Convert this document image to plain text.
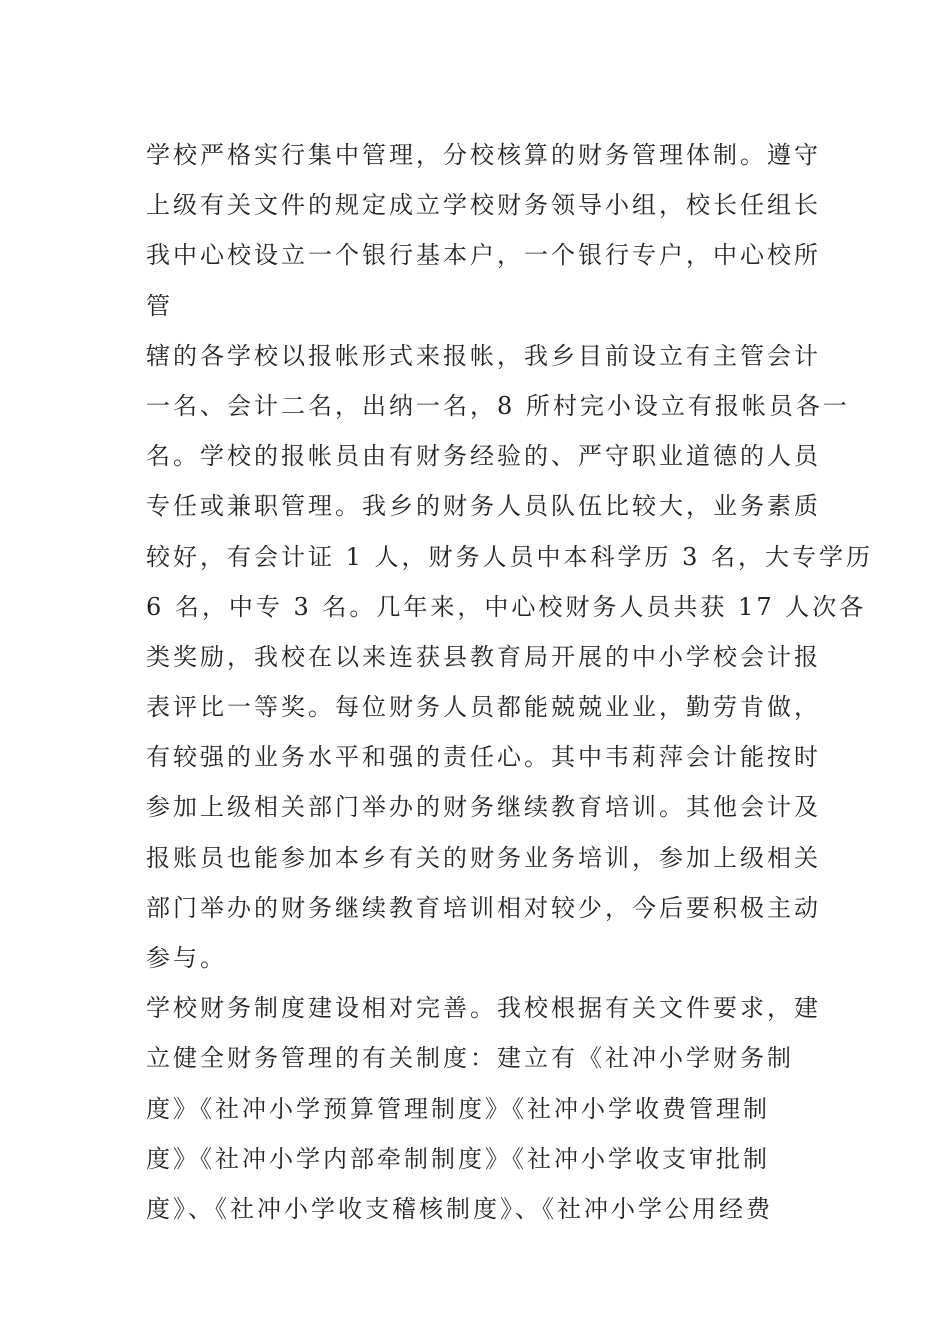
学校严格实行集中管理，分校核算的财务管理体制。遵守
上级有关文件的规定成立学校财务领导小组，校长任组长
我中心校设立一个银行基本户，一个银行专户，中心校所
管
辖的各学校以报帐形式来报帐，我乡目前设立有主管会计
一名、会计二名，出纳一名，8 所村完小设立有报帐员各一
名。学校的报帐员由有财务经验的、严守职业道德的人员
专任或兼职管理。我乡的财务人员队伍比较大，业务素质
较好，有会计证 1 人，财务人员中本科学历 3 名，大专学历
6 名，中专 3 名。几年来，中心校财务人员共获 17 人次各
类奖励，我校在以来连获县教育局开展的中小学校会计报
表评比一等奖。每位财务人员都能兢兢业业，勤劳肯做，
有较强的业务水平和强的责任心。其中韦莉萍会计能按时
参加上级相关部门举办的财务继续教育培训。其他会计及
报账员也能参加本乡有关的财务业务培训，参加上级相关
部门举办的财务继续教育培训相对较少，今后要积极主动
参与。
学校财务制度建设相对完善。我校根据有关文件要求，建
立健全财务管理的有关制度：建立有《社冲小学财务制
度》《社冲小学预算管理制度》《社冲小学收费管理制
度》《社冲小学内部牵制制度》《社冲小学收支审批制
度》、《社冲小学收支稽核制度》、《社冲小学公用经费
